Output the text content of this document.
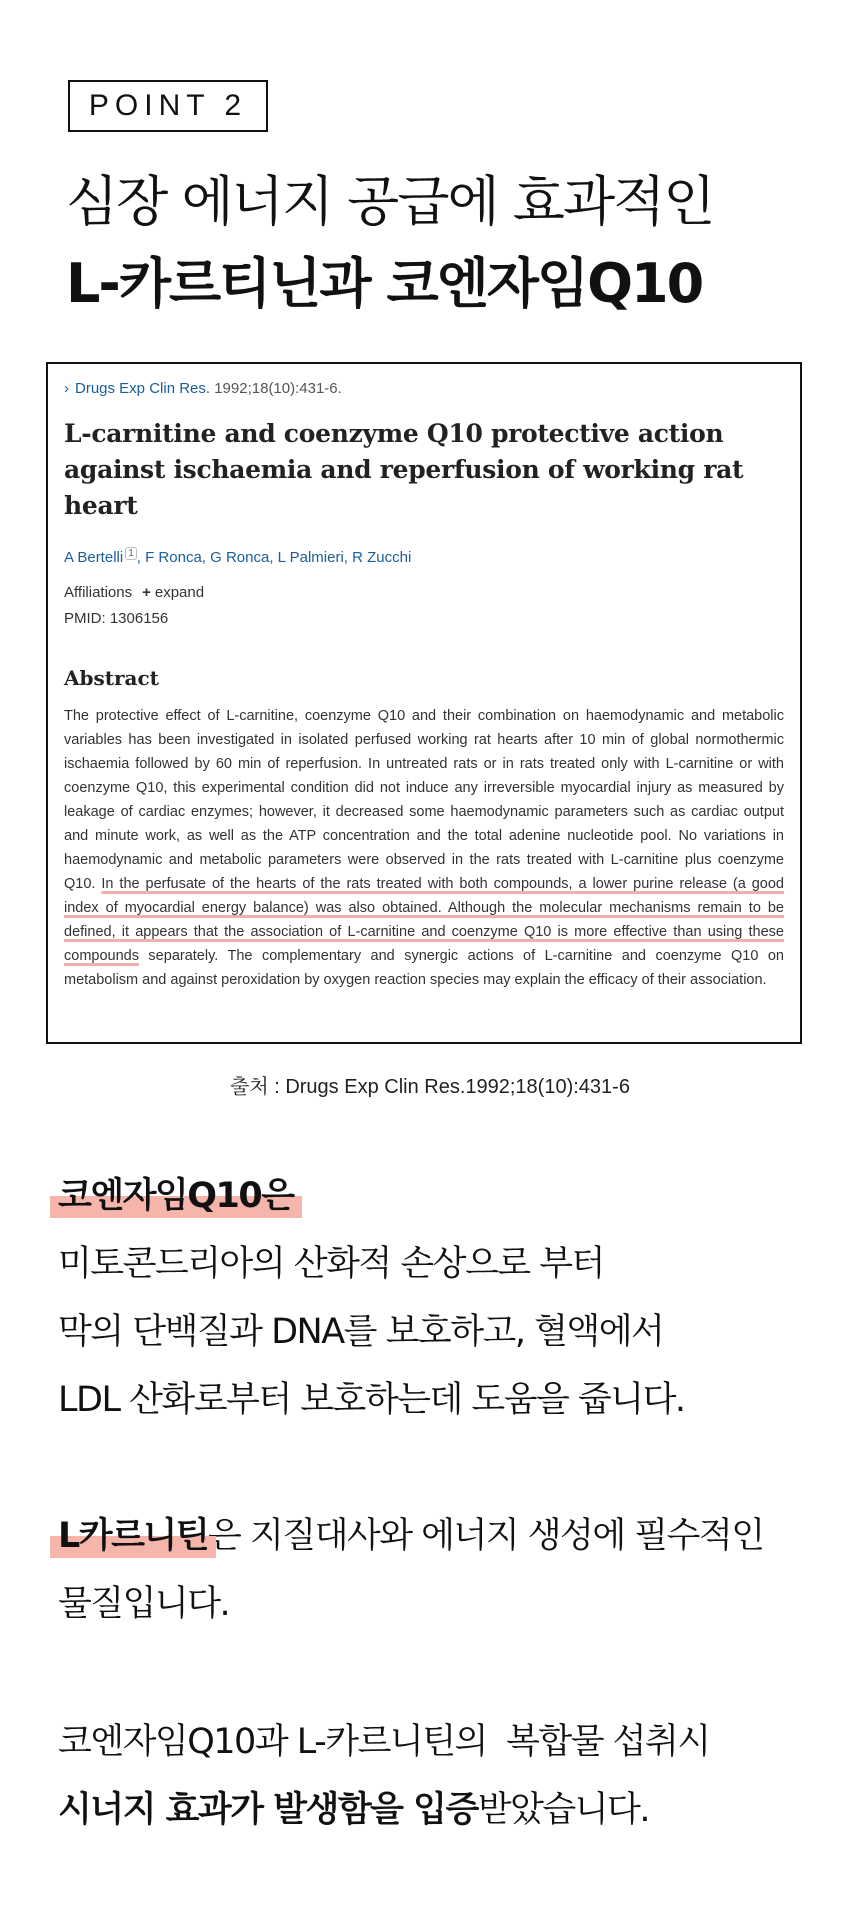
POINT 2
심장 에너지 공급에 효과적인
L-카르티닌과 코엔자임Q10
› Drugs Exp Clin Res. 1992;18(10):431-6.
L-carnitine and coenzyme Q10 protective action against ischaemia and reperfusion of working rat heart
A Bertelli $^1$ , F Ronca, G Ronca, L Palmieri, R Zucchi
Affiliations + expand
PMID: 1306156
Abstract
The protective effect of L-carnitine, coenzyme Q10 and their combination on haemodynamic and metabolic variables has been investigated in isolated perfused working rat hearts after 10 min of global normothermic ischaemia followed by 60 min of reperfusion. In untreated rats or in rats treated only with L-carnitine or with coenzyme Q10, this experimental condition did not induce any irreversible myocardial injury as measured by leakage of cardiac enzymes; however, it decreased some haemodynamic parameters such as cardiac output and minute work, as well as the ATP concentration and the total adenine nucleotide pool. No variations in haemodynamic and metabolic parameters were observed in the rats treated with L-carnitine plus coenzyme Q10. In the perfusate of the hearts of the rats treated with both compounds, a lower purine release (a good index of myocardial energy balance) was also obtained. Although the molecular mechanisms remain to be defined, it appears that the association of L-carnitine and coenzyme Q10 is more effective than using these compounds separately. The complementary and synergic actions of L-carnitine and coenzyme Q10 on metabolism and against peroxidation by oxygen reaction species may explain the efficacy of their association.
출처 : Drugs Exp Clin Res.1992;18(10):431-6
코엔자임Q10은
미토콘드리아의 산화적 손상으로 부터
막의 단백질과 DNA를 보호하고, 혈액에서
LDL 산화로부터 보호하는데 도움을 줍니다.
L카르니틴은 지질대사와 에너지 생성에 필수적인
물질입니다.
코엔자임Q10과 L-카르니틴의  복합물 섭취시
시너지 효과가 발생함을 입증받았습니다.
